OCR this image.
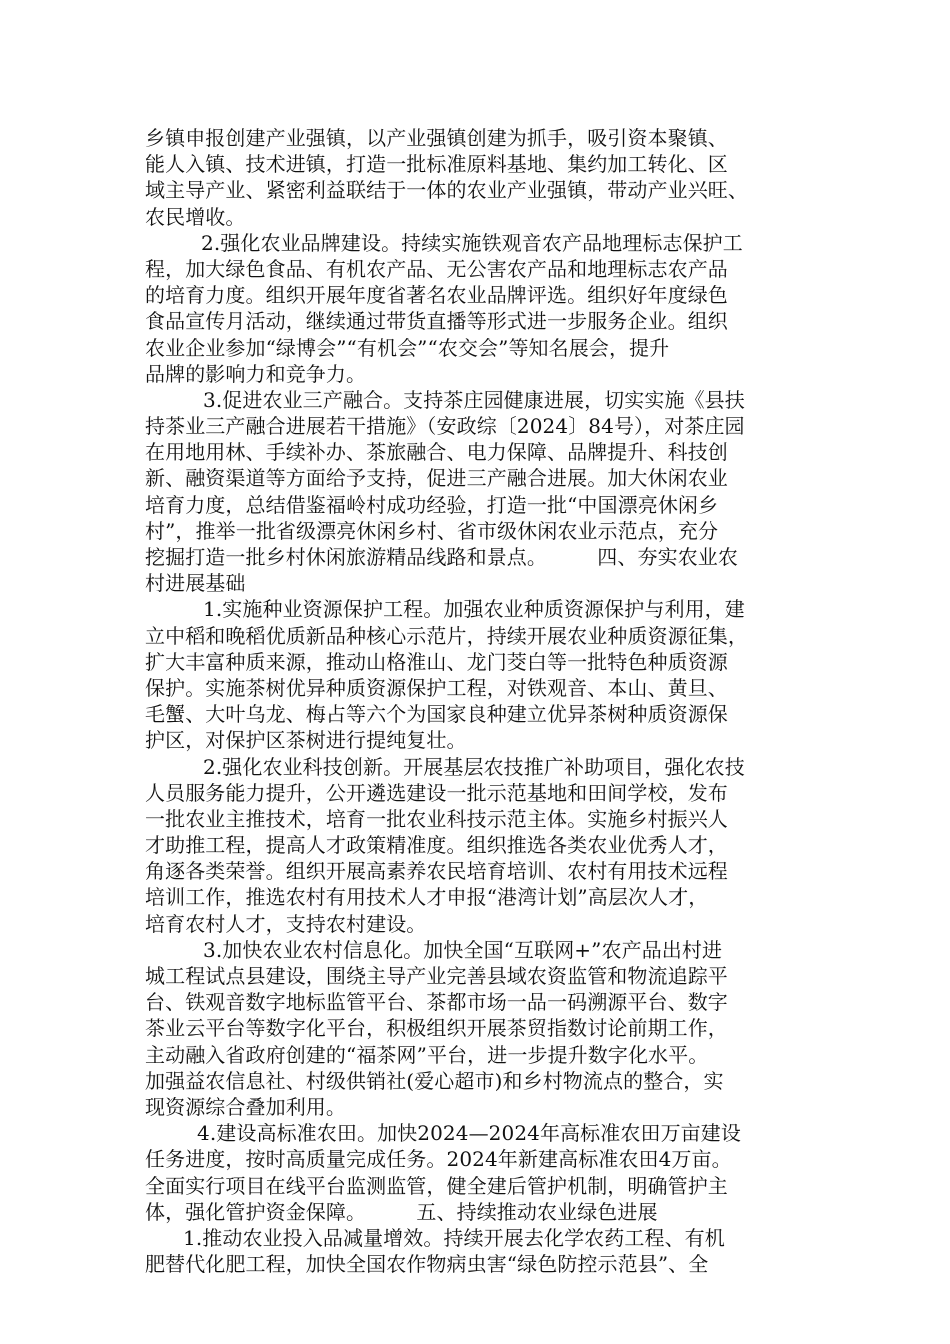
乡镇申报创建产业强镇，以产业强镇创建为抓手，吸引资本聚镇、
能人入镇、技术进镇，打造一批标准原料基地、集约加工转化、区
域主导产业、紧密利益联结于一体的农业产业强镇，带动产业兴旺、
农民增收。
2.强化农业品牌建设。持续实施铁观音农产品地理标志保护工
程，加大绿色食品、有机农产品、无公害农产品和地理标志农产品
的培育力度。组织开展年度省著名农业品牌评选。组织好年度绿色
食品宣传月活动，继续通过带货直播等形式进一步服务企业。组织
农业企业参加“绿博会”“有机会”“农交会”等知名展会，提升
品牌的影响力和竞争力。
3.促进农业三产融合。支持茶庄园健康进展，切实实施《县扶
持茶业三产融合进展若干措施》（安政综〔2024〕84号），对茶庄园
在用地用林、手续补办、茶旅融合、电力保障、品牌提升、科技创
新、融资渠道等方面给予支持，促进三产融合进展。加大休闲农业
培育力度，总结借鉴福岭村成功经验，打造一批“中国漂亮休闲乡
村”，推举一批省级漂亮休闲乡村、省市级休闲农业示范点，充分
挖掘打造一批乡村休闲旅游精品线路和景点。　　　四、夯实农业农
村进展基础
1.实施种业资源保护工程。加强农业种质资源保护与利用，建
立中稻和晚稻优质新品种核心示范片，持续开展农业种质资源征集，
扩大丰富种质来源，推动山格淮山、龙门茭白等一批特色种质资源
保护。实施茶树优异种质资源保护工程，对铁观音、本山、黄旦、
毛蟹、大叶乌龙、梅占等六个为国家良种建立优异茶树种质资源保
护区，对保护区茶树进行提纯复壮。
2.强化农业科技创新。开展基层农技推广补助项目，强化农技
人员服务能力提升，公开遴选建设一批示范基地和田间学校，发布
一批农业主推技术，培育一批农业科技示范主体。实施乡村振兴人
才助推工程，提高人才政策精准度。组织推选各类农业优秀人才，
角逐各类荣誉。组织开展高素养农民培育培训、农村有用技术远程
培训工作，推选农村有用技术人才申报“港湾计划”高层次人才，
培育农村人才，支持农村建设。
3.加快农业农村信息化。加快全国“互联网+”农产品出村进
城工程试点县建设，围绕主导产业完善县域农资监管和物流追踪平
台、铁观音数字地标监管平台、茶都市场一品一码溯源平台、数字
茶业云平台等数字化平台，积极组织开展茶贸指数讨论前期工作，
主动融入省政府创建的“福茶网”平台，进一步提升数字化水平。
加强益农信息社、村级供销社(爱心超市)和乡村物流点的整合，实
现资源综合叠加利用。
4.建设高标准农田。加快2024—2024年高标准农田万亩建设
任务进度，按时高质量完成任务。2024年新建高标准农田4万亩。
全面实行项目在线平台监测监管，健全建后管护机制，明确管护主
体，强化管护资金保障。　　　五、持续推动农业绿色进展
1.推动农业投入品减量增效。持续开展去化学农药工程、有机
肥替代化肥工程，加快全国农作物病虫害“绿色防控示范县”、全
